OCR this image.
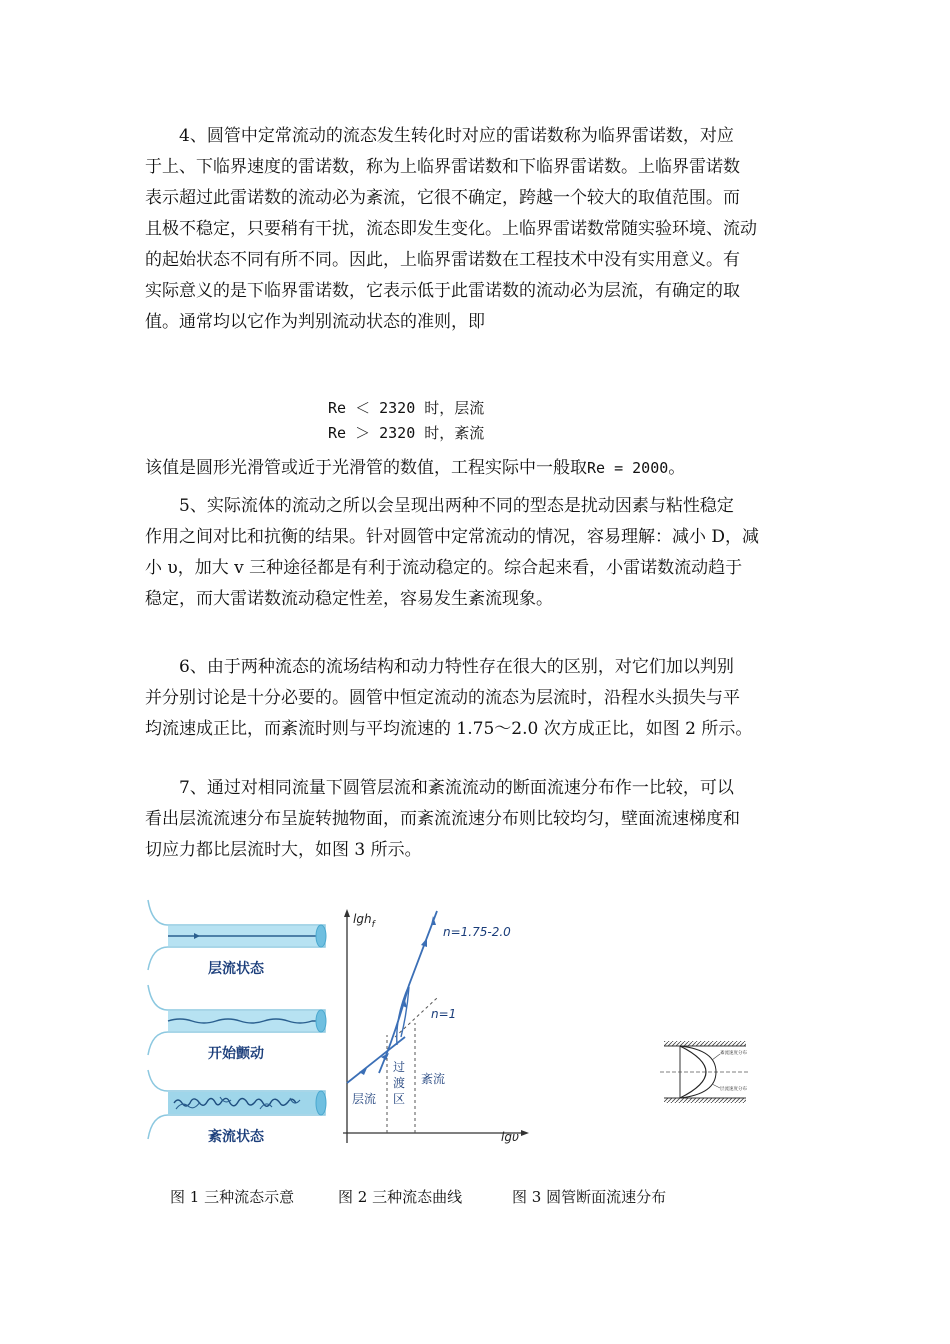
4、圆管中定常流动的流态发生转化时对应的雷诺数称为临界雷诺数，对应
于上、下临界速度的雷诺数，称为上临界雷诺数和下临界雷诺数。上临界雷诺数
表示超过此雷诺数的流动必为紊流，它很不确定，跨越一个较大的取值范围。而
且极不稳定，只要稍有干扰，流态即发生变化。上临界雷诺数常随实验环境、流动
的起始状态不同有所不同。因此，上临界雷诺数在工程技术中没有实用意义。有
实际意义的是下临界雷诺数，它表示低于此雷诺数的流动必为层流，有确定的取
值。通常均以它作为判别流动状态的准则，即
Re ＜ 2320 时，层流
Re ＞ 2320 时，紊流
该值是圆形光滑管或近于光滑管的数值，工程实际中一般取Re = 2000。
5、实际流体的流动之所以会呈现出两种不同的型态是扰动因素与粘性稳定
作用之间对比和抗衡的结果。针对圆管中定常流动的情况，容易理解：减小 D，减
小 υ，加大 v 三种途径都是有利于流动稳定的。综合起来看，小雷诺数流动趋于
稳定，而大雷诺数流动稳定性差，容易发生紊流现象。
6、由于两种流态的流场结构和动力特性存在很大的区别，对它们加以判别
并分别讨论是十分必要的。圆管中恒定流动的流态为层流时，沿程水头损失与平
均流速成正比，而紊流时则与平均流速的 1.75～2.0 次方成正比，如图 2 所示。
7、通过对相同流量下圆管层流和紊流流动的断面流速分布作一比较，可以
看出层流流速分布呈旋转抛物面，而紊流流速分布则比较均匀，壁面流速梯度和
切应力都比层流时大，如图 3 所示。
层流状态
开始颤动
紊流状态
lgh$_f$
lgυ
n=1.75-2.0
n=1
层流
过
渡
区
紊流
紊流速度分布
层流速度分布
图 1 三种流态示意	图 2 三种流态曲线	图 3 圆管断面流速分布
